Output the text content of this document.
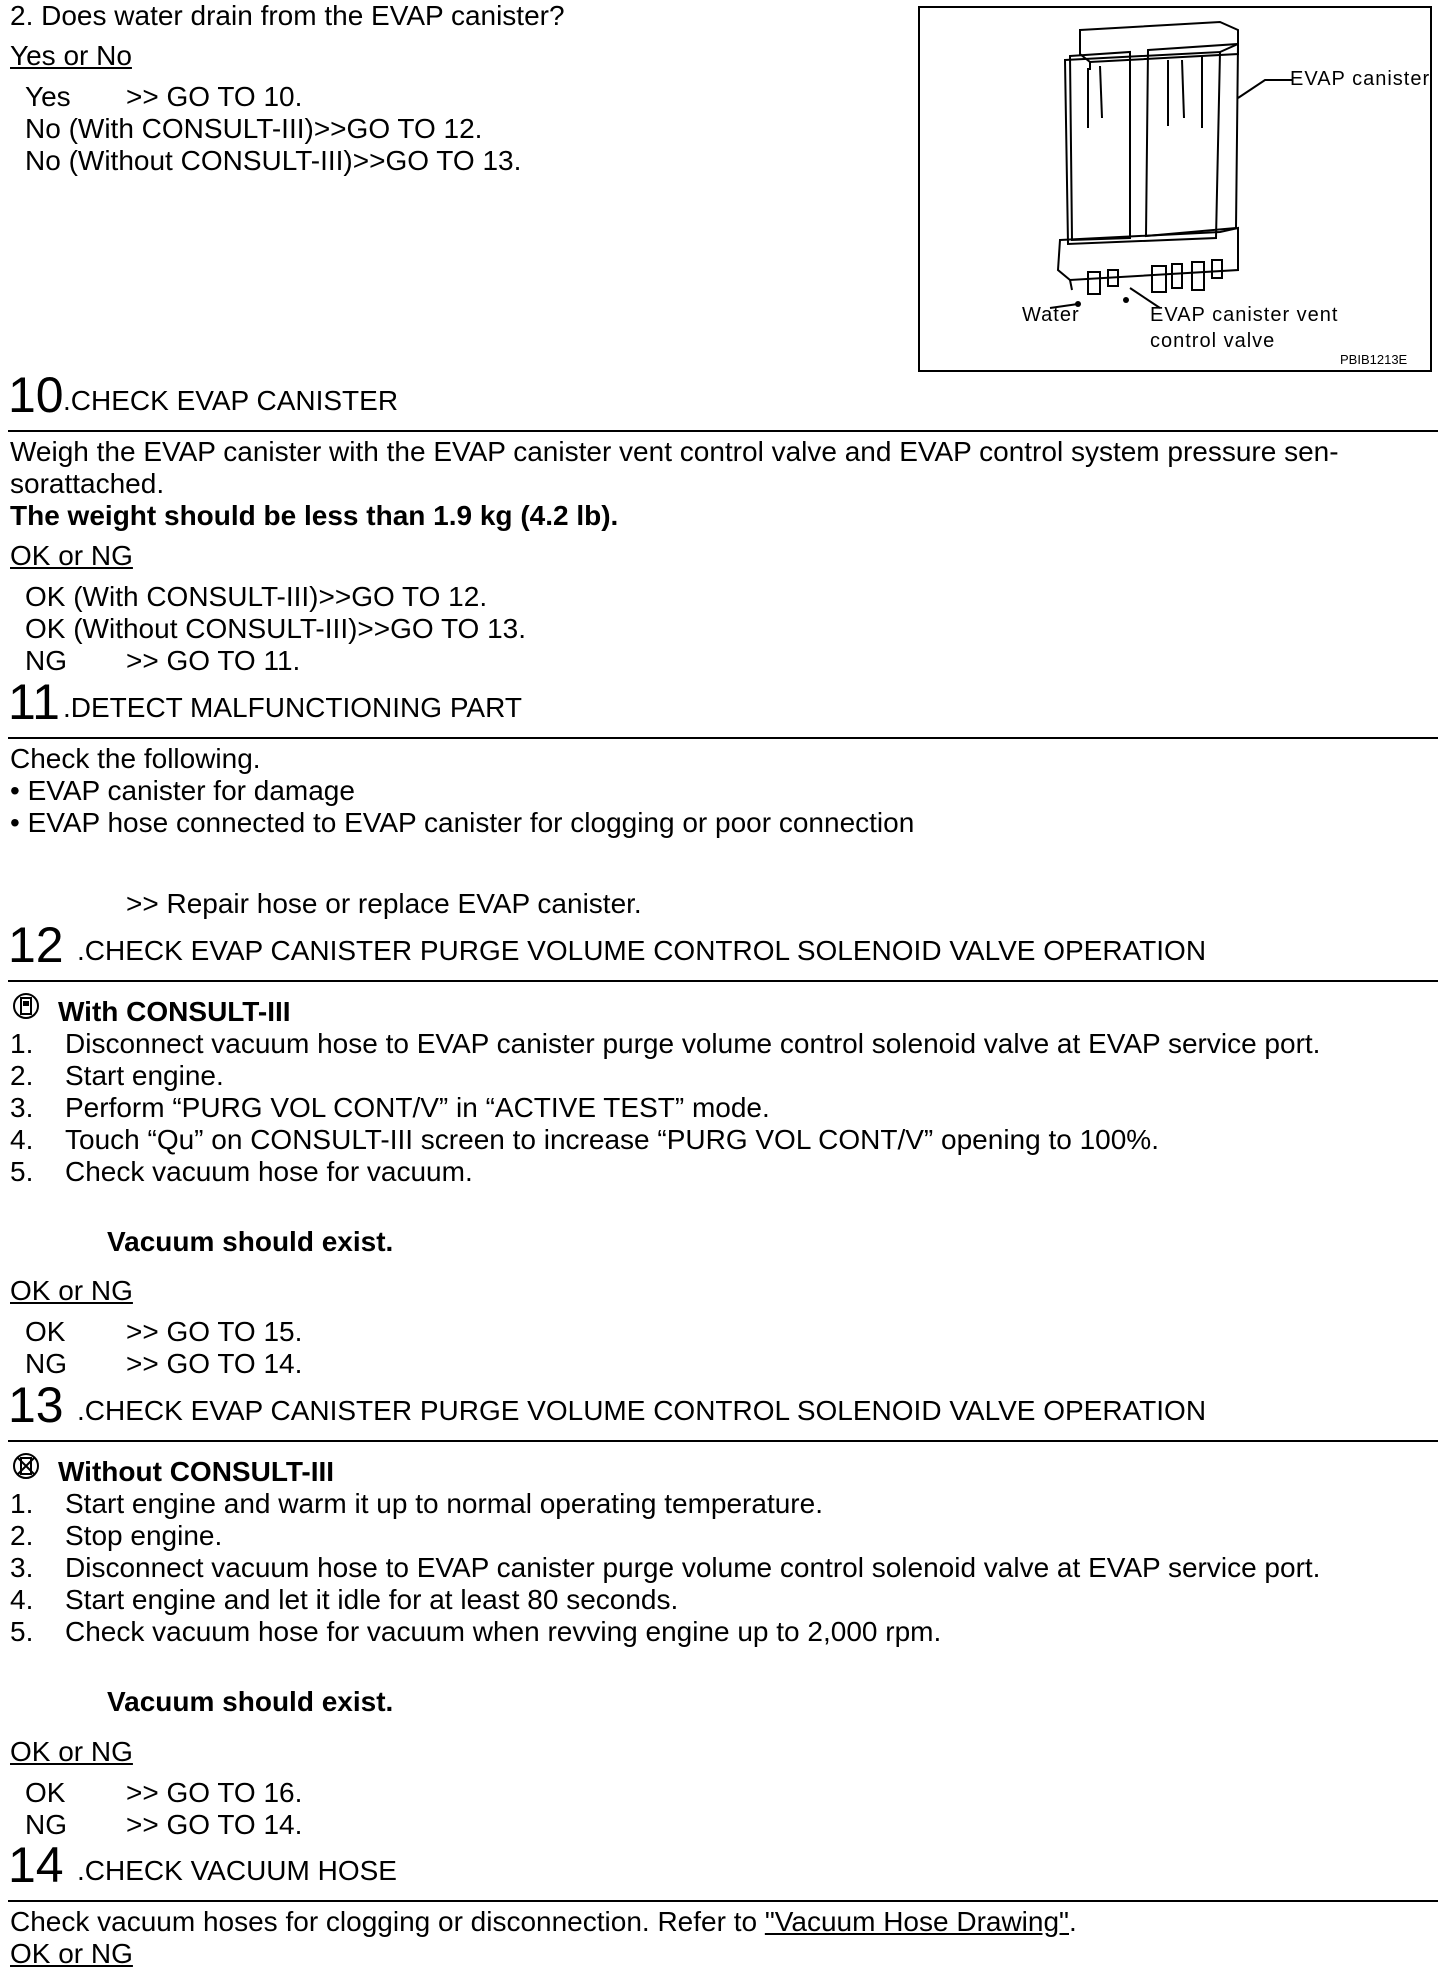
2. Does water drain from the EVAP canister?
Yes or No
Yes >> GO TO 10.
No (With CONSULT-III)>>GO TO 12.
No (Without CONSULT-III)>>GO TO 13.
EVAP canister
Water	EVAP canister vent
control valve
PBIB1213E
10 .CHECK EVAP CANISTER
Weigh the EVAP canister with the EVAP canister vent control valve and EVAP control system pressure sen-
sorattached.
The weight should be less than 1.9 kg (4.2 lb).
OK or NG
OK (With CONSULT-III)>>GO TO 12.
OK (Without CONSULT-III)>>GO TO 13.
NG >> GO TO 11.
11 .DETECT MALFUNCTIONING PART
Check the following.
• EVAP canister for damage
• EVAP hose connected to EVAP canister for clogging or poor connection
>> Repair hose or replace EVAP canister.
12 .CHECK EVAP CANISTER PURGE VOLUME CONTROL SOLENOID VALVE OPERATION
With CONSULT-III
1. Disconnect vacuum hose to EVAP canister purge volume control solenoid valve at EVAP service port.
2. Start engine.
3. Perform “PURG VOL CONT/V” in “ACTIVE TEST” mode.
4. Touch “Qu” on CONSULT-III screen to increase “PURG VOL CONT/V” opening to 100%.
5. Check vacuum hose for vacuum.
Vacuum should exist.
OK or NG
OK >> GO TO 15.
NG >> GO TO 14.
13 .CHECK EVAP CANISTER PURGE VOLUME CONTROL SOLENOID VALVE OPERATION
Without CONSULT-III
1. Start engine and warm it up to normal operating temperature.
2. Stop engine.
3. Disconnect vacuum hose to EVAP canister purge volume control solenoid valve at EVAP service port.
4. Start engine and let it idle for at least 80 seconds.
5. Check vacuum hose for vacuum when revving engine up to 2,000 rpm.
Vacuum should exist.
OK or NG
OK >> GO TO 16.
NG >> GO TO 14.
14 .CHECK VACUUM HOSE
Check vacuum hoses for clogging or disconnection. Refer to "Vacuum Hose Drawing".
OK or NG
